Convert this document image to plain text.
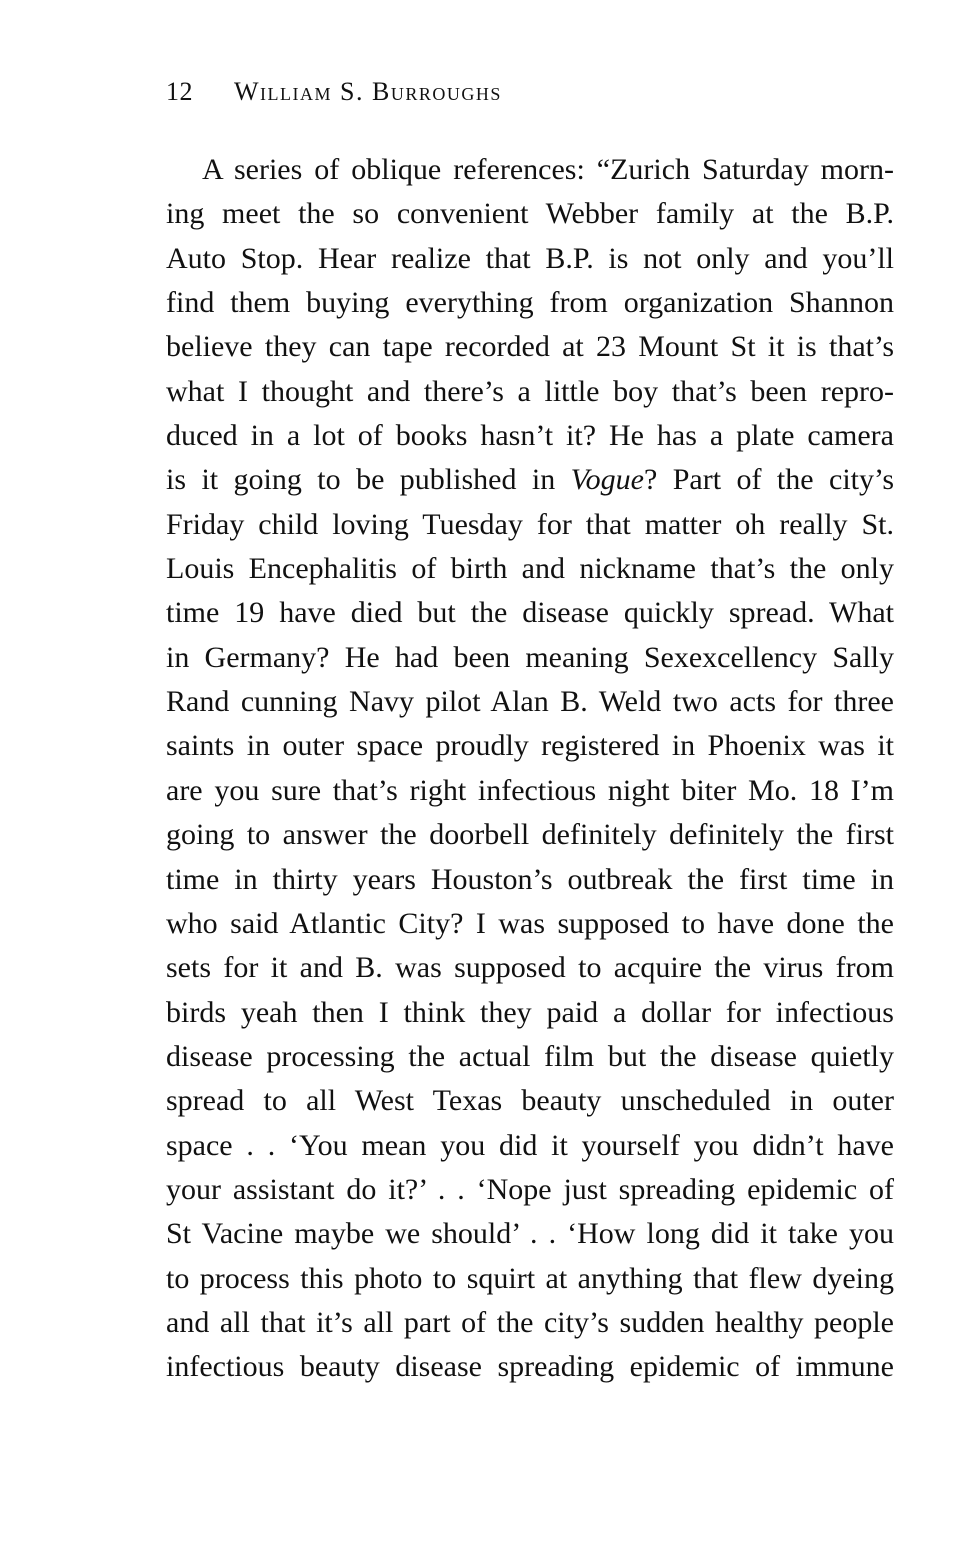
12 William S. Burroughs
A series of oblique references: “Zurich Saturday morn-
ing meet the so convenient Webber family at the B.P.
Auto Stop. Hear realize that B.P. is not only and you’ll
find them buying everything from organization Shannon
believe they can tape recorded at 23 Mount St it is that’s
what I thought and there’s a little boy that’s been repro-
duced in a lot of books hasn’t it? He has a plate camera
is it going to be published in Vogue? Part of the city’s
Friday child loving Tuesday for that matter oh really St.
Louis Encephalitis of birth and nickname that’s the only
time 19 have died but the disease quickly spread. What
in Germany? He had been meaning Sexexcellency Sally
Rand cunning Navy pilot Alan B. Weld two acts for three
saints in outer space proudly registered in Phoenix was it
are you sure that’s right infectious night biter Mo. 18 I’m
going to answer the doorbell definitely definitely the first
time in thirty years Houston’s outbreak the first time in
who said Atlantic City? I was supposed to have done the
sets for it and B. was supposed to acquire the virus from
birds yeah then I think they paid a dollar for infectious
disease processing the actual film but the disease quietly
spread to all West Texas beauty unscheduled in outer
space . . ‘You mean you did it yourself you didn’t have
your assistant do it?’ . . ‘Nope just spreading epidemic of
St Vacine maybe we should’ . . ‘How long did it take you
to process this photo to squirt at anything that flew dyeing
and all that it’s all part of the city’s sudden healthy people
infectious beauty disease spreading epidemic of immune
